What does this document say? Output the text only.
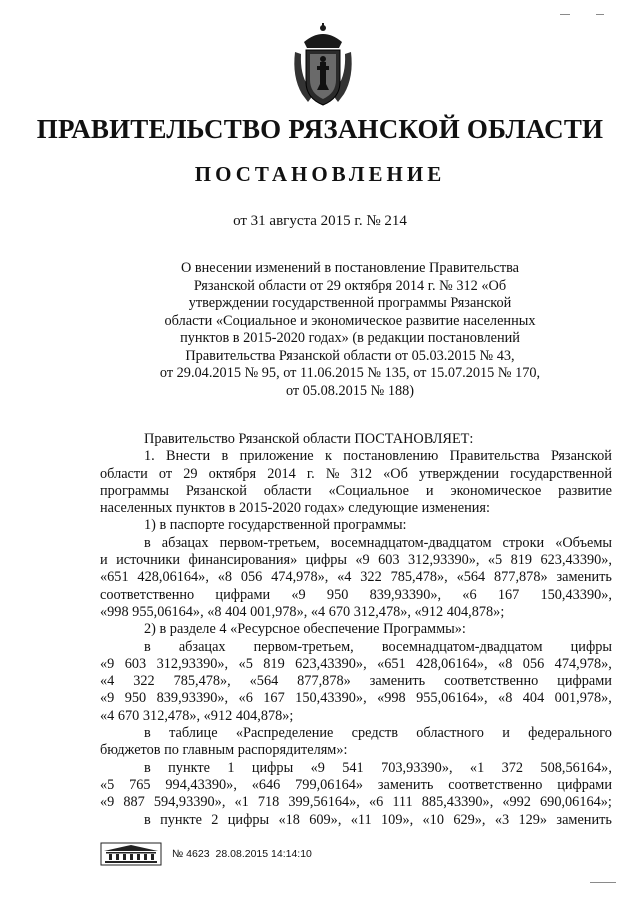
ПРАВИТЕЛЬСТВО РЯЗАНСКОЙ ОБЛАСТИ
ПОСТАНОВЛЕНИЕ
от 31 августа 2015 г. № 214
О внесении изменений в постановление Правительства
Рязанской области от 29 октября 2014 г. № 312 «Об
утверждении государственной программы Рязанской
области «Социальное и экономическое развитие населенных
пунктов в 2015-2020 годах» (в редакции постановлений
Правительства Рязанской области от 05.03.2015 № 43,
от 29.04.2015 № 95, от 11.06.2015 № 135, от 15.07.2015 № 170,
от 05.08.2015 № 188)
Правительство Рязанской области ПОСТАНОВЛЯЕТ:
1. Внести в приложение к постановлению Правительства Рязанской
области от 29 октября 2014 г. № 312 «Об утверждении государственной
программы Рязанской области «Социальное и экономическое развитие
населенных пунктов в 2015-2020 годах» следующие изменения:
1) в паспорте государственной программы:
в абзацах первом-третьем, восемнадцатом-двадцатом строки «Объемы
и источники финансирования» цифры «9 603 312,93390», «5 819 623,43390»,
«651 428,06164», «8 056 474,978», «4 322 785,478», «564 877,878» заменить
соответственно цифрами «9 950 839,93390», «6 167 150,43390»,
«998 955,06164», «8 404 001,978», «4 670 312,478», «912 404,878»;
2) в разделе 4 «Ресурсное обеспечение Программы»:
в абзацах первом-третьем, восемнадцатом-двадцатом цифры
«9 603 312,93390», «5 819 623,43390», «651 428,06164», «8 056 474,978»,
«4 322 785,478», «564 877,878» заменить соответственно цифрами
«9 950 839,93390», «6 167 150,43390», «998 955,06164», «8 404 001,978»,
«4 670 312,478», «912 404,878»;
в таблице «Распределение средств областного и федерального
бюджетов по главным распорядителям»:
в пункте 1 цифры «9 541 703,93390», «1 372 508,56164»,
«5 765 994,43390», «646 799,06164» заменить соответственно цифрами
«9 887 594,93390», «1 718 399,56164», «6 111 885,43390», «992 690,06164»;
в пункте 2 цифры «18 609», «11 109», «10 629», «3 129» заменить
№ 4623 28.08.2015 14:14:10
